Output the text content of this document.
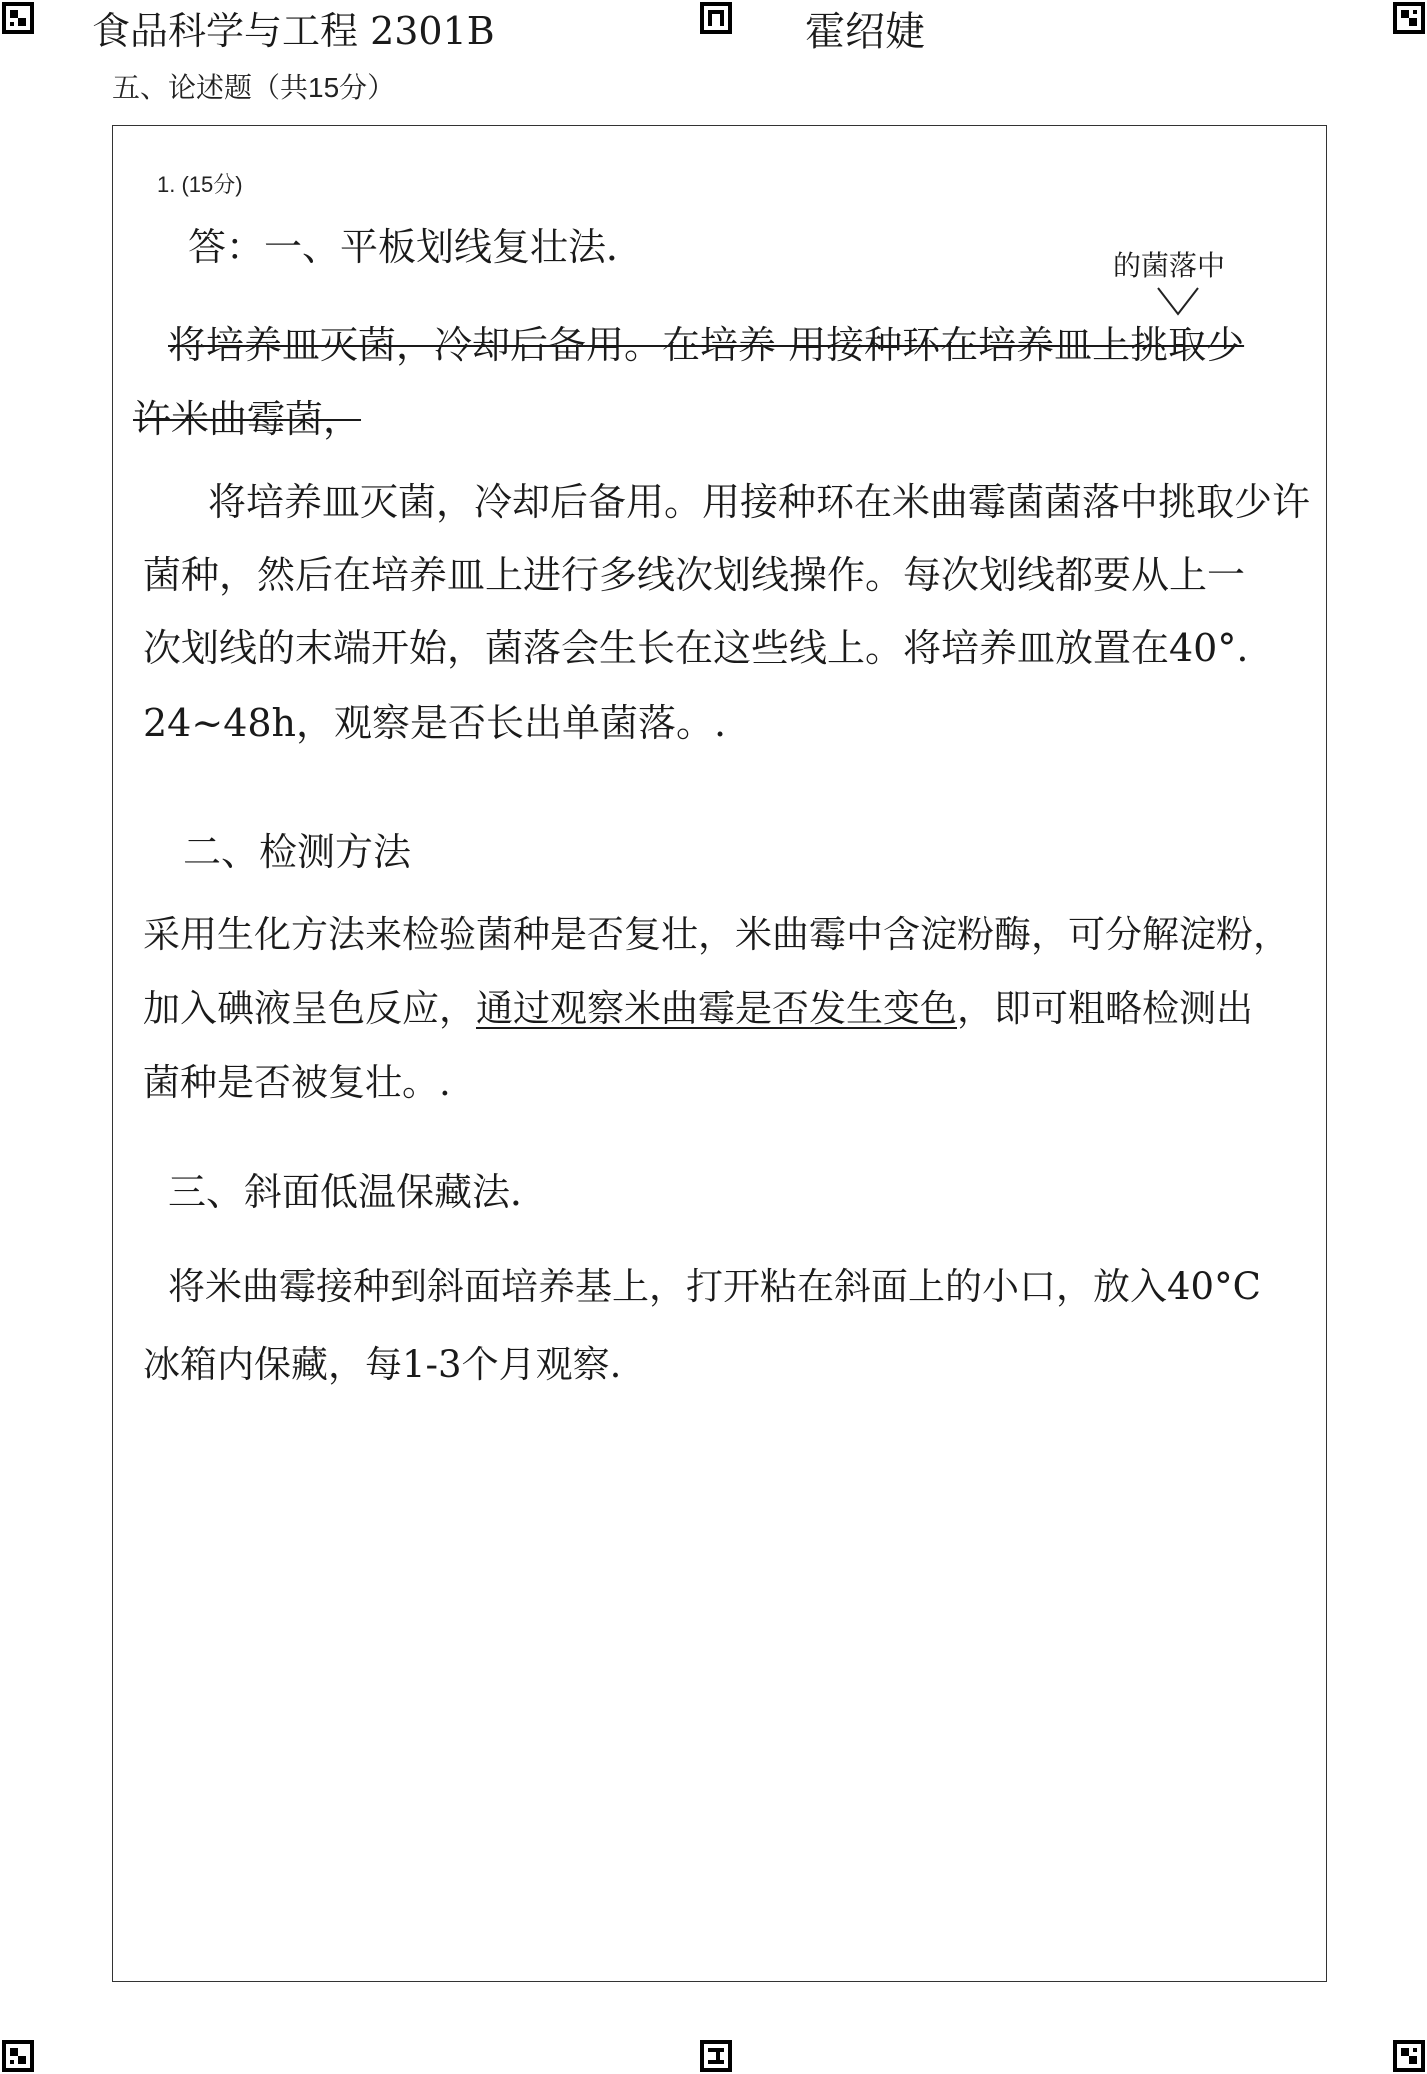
食品科学与工程 2301B	霍绍婕
五、论述题（共15分）
1. (15分)
答：一、平板划线复壮法．	的菌落中
将培养皿灭菌，冷却后备用。在培养 用接种环在培养皿上挑取少
许米曲霉菌，
将培养皿灭菌，冷却后备用。用接种环在米曲霉菌菌落中挑取少许
菌种，然后在培养皿上进行多线次划线操作。每次划线都要从上一
次划线的末端开始，菌落会生长在这些线上。将培养皿放置在40°.
24~48h，观察是否长出单菌落。.
二、检测方法
采用生化方法来检验菌种是否复壮，米曲霉中含淀粉酶，可分解淀粉，
加入碘液呈色反应，通过观察米曲霉是否发生变色，即可粗略检测出
菌种是否被复壮。.
三、斜面低温保藏法．
将米曲霉接种到斜面培养基上，打开粘在斜面上的小口，放入40°C
冰箱内保藏，每1-3个月观察.
